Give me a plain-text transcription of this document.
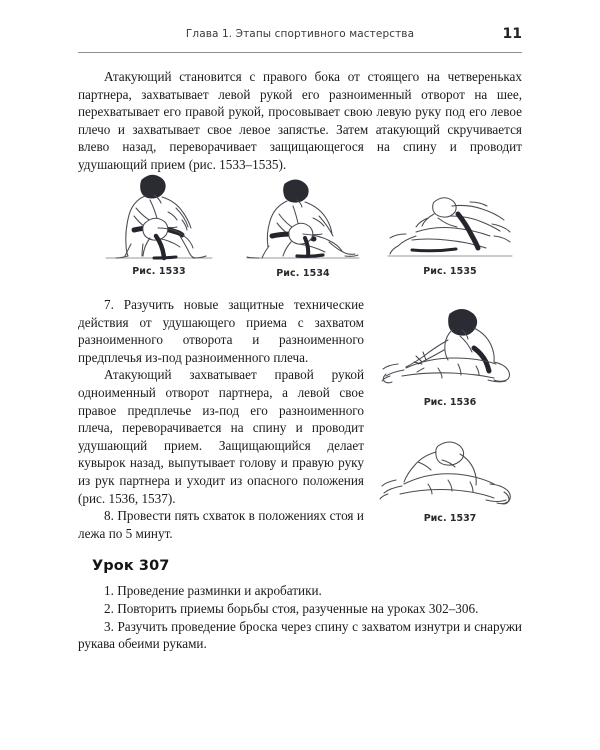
Глава 1. Этапы спортивного мастерства	11

Атакующий становится с правого бока от стоящего на четвереньках партнера, захватывает левой рукой его разноименный отворот на шее, перехватывает его правой рукой, просовывает свою левую руку под его левое плечо и захватывает свое левое запястье. Затем атакующий скручивается влево назад, переворачивает защищающегося на спину и проводит удушающий прием (рис. 1533–1535).

Рис. 1533	Рис. 1534	Рис. 1535

7. Разучить новые защитные технические действия от удушающего приема с захватом разноименного отворота и разноименного предплечья из-под разноименного плеча.

Атакующий захватывает правой рукой одноименный отворот партнера, а левой свое правое предплечье из-под его разноименного плеча, переворачивается на спину и проводит удушающий прием. Защищающийся делает кувырок назад, выпутывает голову и правую руку из рук партнера и уходит из опасного положения (рис. 1536, 1537).

8. Провести пять схваток в положениях стоя и лежа по 5 минут.

Рис. 1536
Рис. 1537
Урок 307

1. Проведение разминки и акробатики.

2. Повторить приемы борьбы стоя, разученные на уроках 302–306.

3. Разучить проведение броска через спину с захватом изнутри и снаружи рукава обеими руками.
